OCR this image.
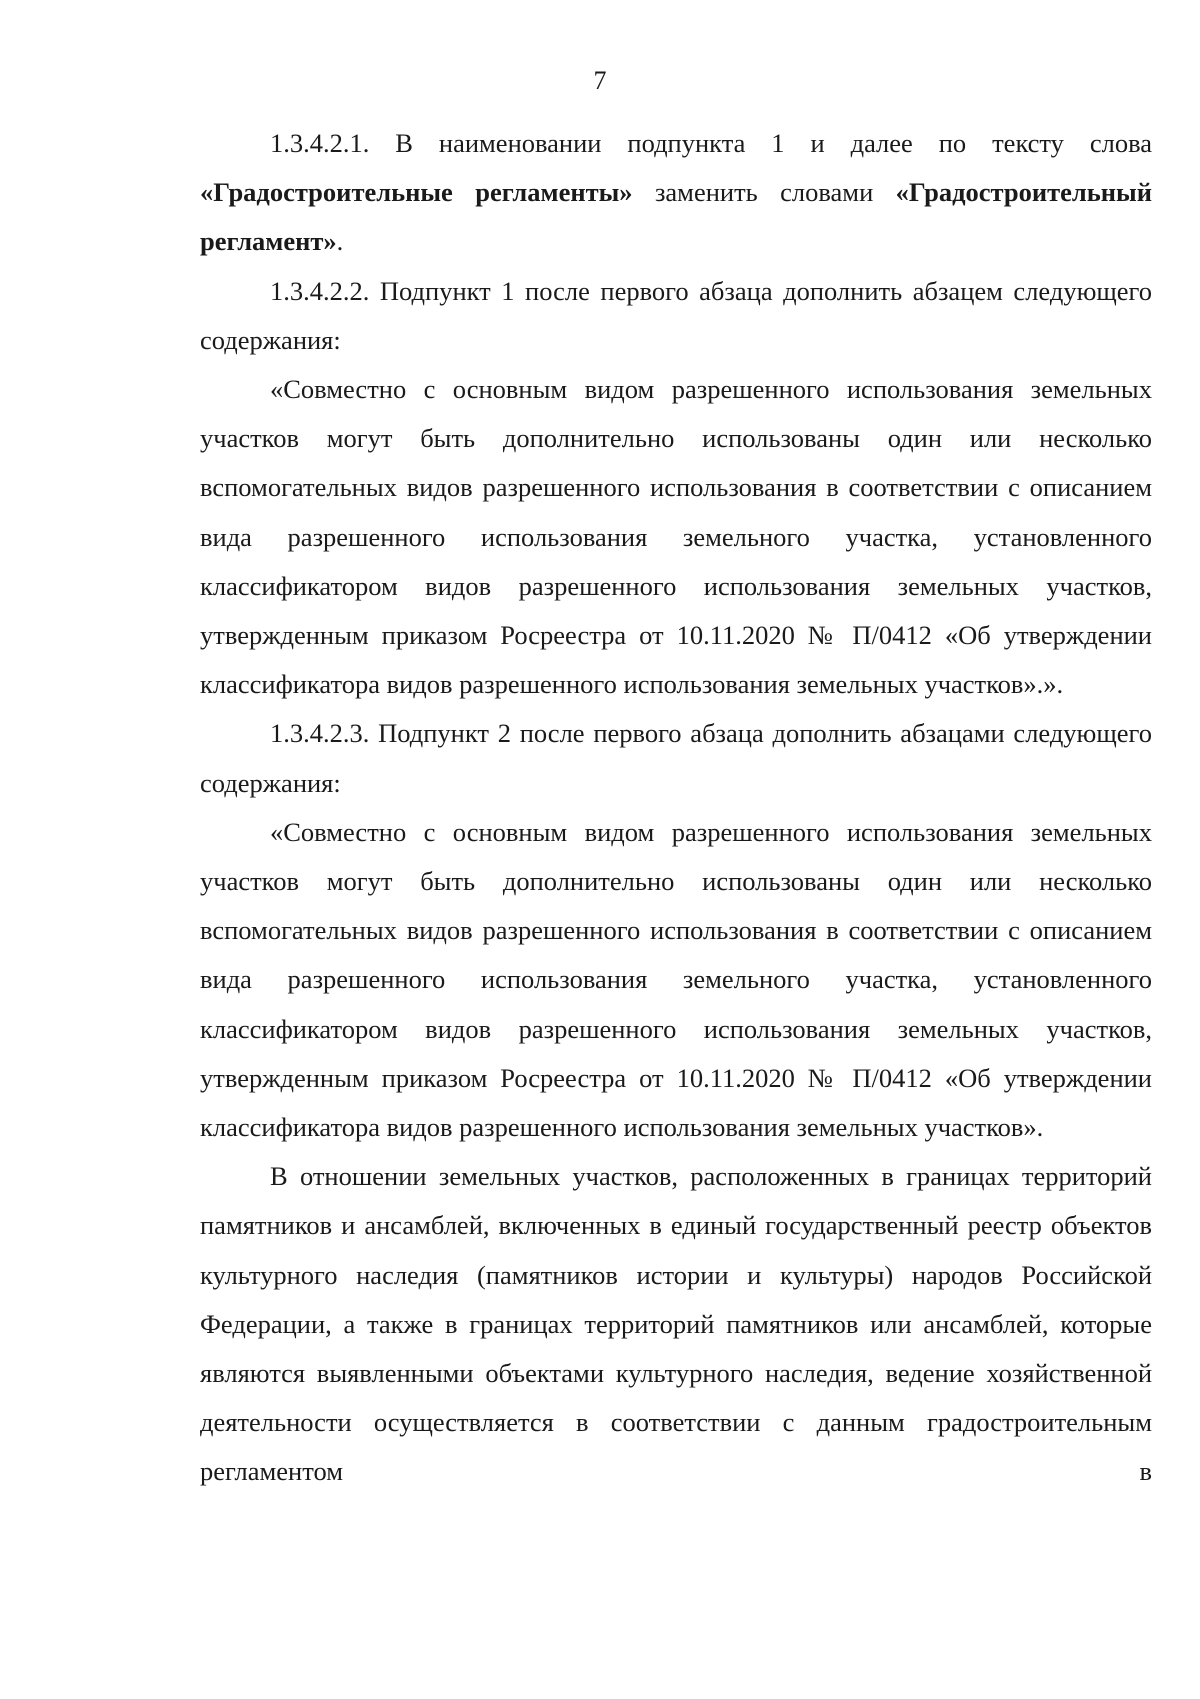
7

1.3.4.2.1. В наименовании подпункта 1 и далее по тексту слова «Градостроительные регламенты» заменить словами «Градостроительный регламент».

1.3.4.2.2. Подпункт 1 после первого абзаца дополнить абзацем следующего содержания:

«Совместно с основным видом разрешенного использования земельных участков могут быть дополнительно использованы один или несколько вспомогательных видов разрешенного использования в соответствии с описанием вида разрешенного использования земельного участка, установленного классификатором видов разрешенного использования земельных участков, утвержденным приказом Росреестра от 10.11.2020 № П/0412 «Об утверждении классификатора видов разрешенного использования земельных участков».».

1.3.4.2.3. Подпункт 2 после первого абзаца дополнить абзацами следующего содержания:

«Совместно с основным видом разрешенного использования земельных участков могут быть дополнительно использованы один или несколько вспомогательных видов разрешенного использования в соответствии с описанием вида разрешенного использования земельного участка, установленного классификатором видов разрешенного использования земельных участков, утвержденным приказом Росреестра от 10.11.2020 № П/0412 «Об утверждении классификатора видов разрешенного использования земельных участков».

В отношении земельных участков, расположенных в границах территорий памятников и ансамблей, включенных в единый государственный реестр объектов культурного наследия (памятников истории и культуры) народов Российской Федерации, а также в границах территорий памятников или ансамблей, которые являются выявленными объектами культурного наследия, ведение хозяйственной деятельности осуществляется в соответствии с данным градостроительным регламентом в
